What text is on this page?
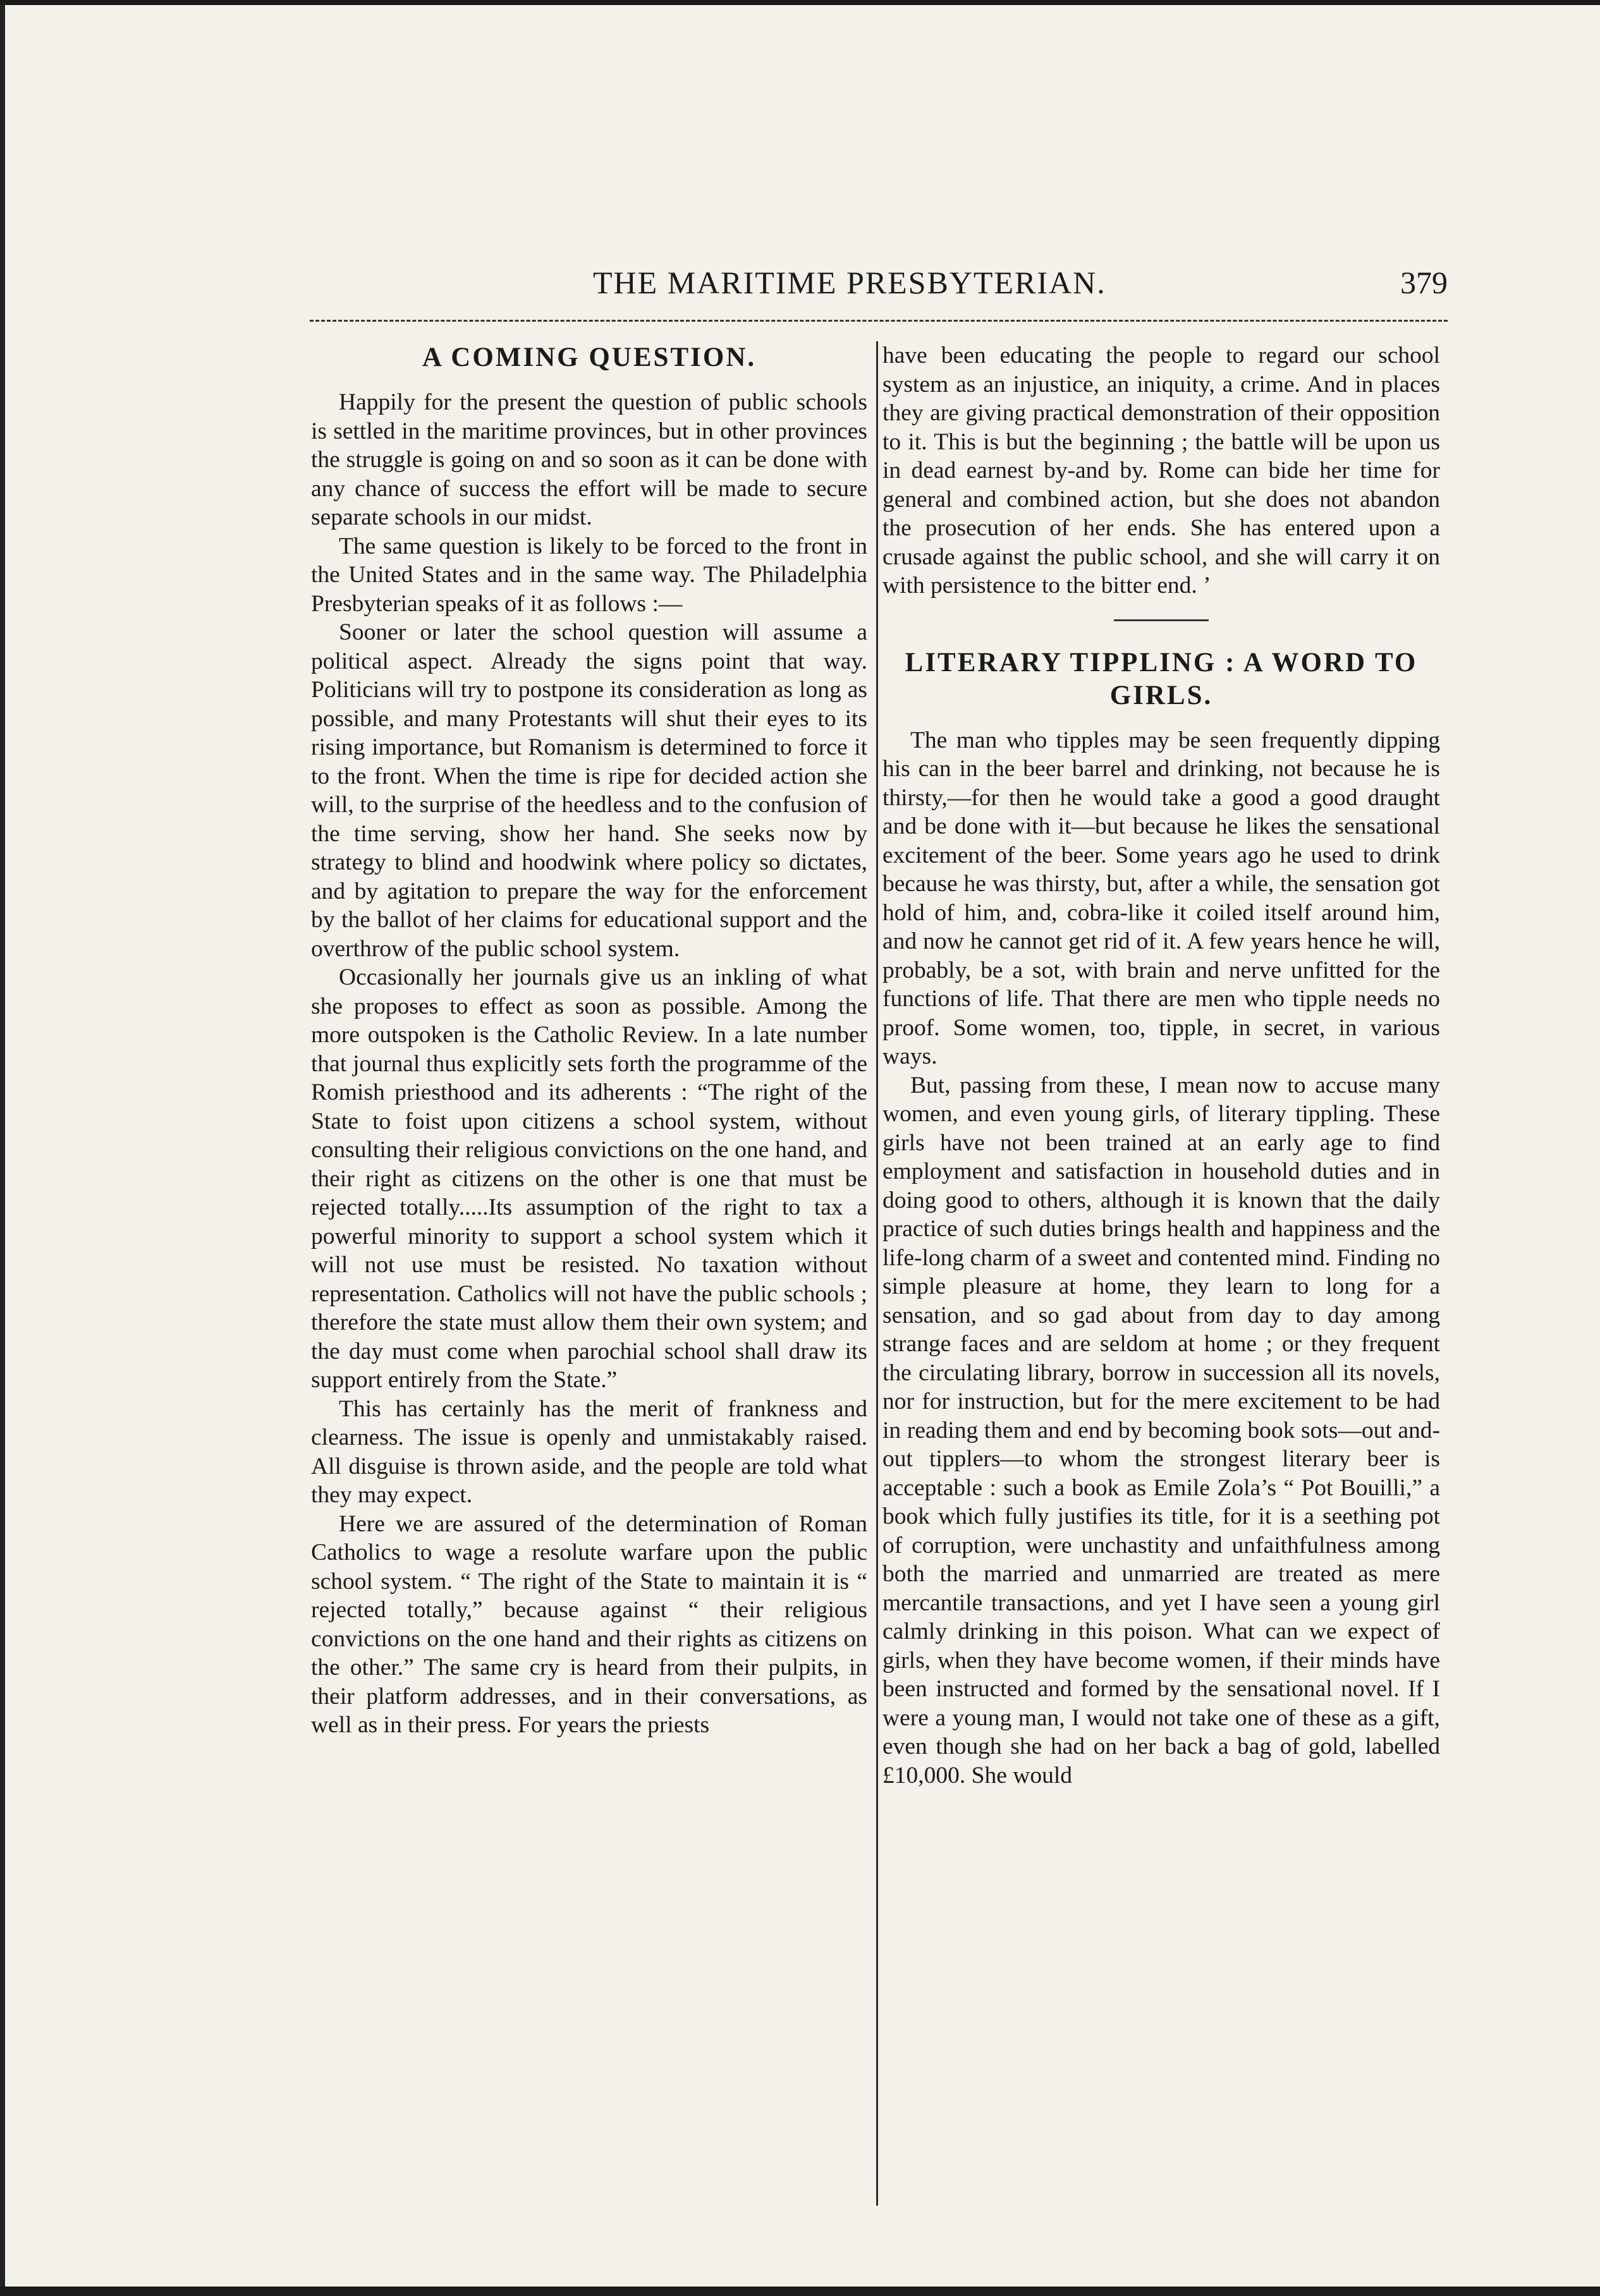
THE MARITIME PRESBYTERIAN.	379
A COMING QUESTION.

Happily for the present the question of public schools is settled in the maritime provinces, but in other provinces the struggle is going on and so soon as it can be done with any chance of success the effort will be made to secure separate schools in our midst.

The same question is likely to be forced to the front in the United States and in the same way. The Philadelphia Presbyterian speaks of it as follows :—

Sooner or later the school question will assume a political aspect. Already the signs point that way. Politicians will try to postpone its consideration as long as possible, and many Protestants will shut their eyes to its rising importance, but Romanism is determined to force it to the front. When the time is ripe for decided action she will, to the surprise of the heedless and to the confusion of the time serving, show her hand. She seeks now by strategy to blind and hoodwink where policy so dictates, and by agitation to prepare the way for the enforcement by the ballot of her claims for educational support and the overthrow of the public school system.

Occasionally her journals give us an inkling of what she proposes to effect as soon as possible. Among the more outspoken is the Catholic Review. In a late number that journal thus explicitly sets forth the programme of the Romish priesthood and its adherents : “The right of the State to foist upon citizens a school system, without consulting their religious convictions on the one hand, and their right as citizens on the other is one that must be rejected totally.....Its assumption of the right to tax a powerful minority to support a school system which it will not use must be resisted. No taxation without representation. Catholics will not have the public schools ; therefore the state must allow them their own system; and the day must come when parochial school shall draw its support entirely from the State.”

This has certainly has the merit of frankness and clearness. The issue is openly and unmistakably raised. All disguise is thrown aside, and the people are told what they may expect.

Here we are assured of the determination of Roman Catholics to wage a resolute warfare upon the public school system. “ The right of the State to maintain it is “ rejected totally,” because against “ their religious convictions on the one hand and their rights as citizens on the other.” The same cry is heard from their pulpits, in their platform addresses, and in their conversations, as well as in their press. For years the priests

have been educating the people to regard our school system as an injustice, an iniquity, a crime. And in places they are giving practical demonstration of their opposition to it. This is but the beginning ; the battle will be upon us in dead earnest by-and by. Rome can bide her time for general and combined action, but she does not abandon the prosecution of her ends. She has entered upon a crusade against the public school, and she will carry it on with persistence to the bitter end. ’

LITERARY TIPPLING : A WORD TO GIRLS.

The man who tipples may be seen frequently dipping his can in the beer barrel and drinking, not because he is thirsty,—for then he would take a good a good draught and be done with it—but because he likes the sensational excitement of the beer. Some years ago he used to drink because he was thirsty, but, after a while, the sensation got hold of him, and, cobra-like it coiled itself around him, and now he cannot get rid of it. A few years hence he will, probably, be a sot, with brain and nerve unfitted for the functions of life. That there are men who tipple needs no proof. Some women, too, tipple, in secret, in various ways.

But, passing from these, I mean now to accuse many women, and even young girls, of literary tippling. These girls have not been trained at an early age to find employment and satisfaction in household duties and in doing good to others, although it is known that the daily practice of such duties brings health and happiness and the life-long charm of a sweet and contented mind. Finding no simple pleasure at home, they learn to long for a sensation, and so gad about from day to day among strange faces and are seldom at home ; or they frequent the circulating library, borrow in succession all its novels, nor for instruction, but for the mere excitement to be had in reading them and end by becoming book sots—out and-out tipplers—to whom the strongest literary beer is acceptable : such a book as Emile Zola’s “ Pot Bouilli,” a book which fully justifies its title, for it is a seething pot of corruption, were unchastity and unfaithfulness among both the married and unmarried are treated as mere mercantile transactions, and yet I have seen a young girl calmly drinking in this poison. What can we expect of girls, when they have become women, if their minds have been instructed and formed by the sensational novel. If I were a young man, I would not take one of these as a gift, even though she had on her back a bag of gold, labelled £10,000. She would
